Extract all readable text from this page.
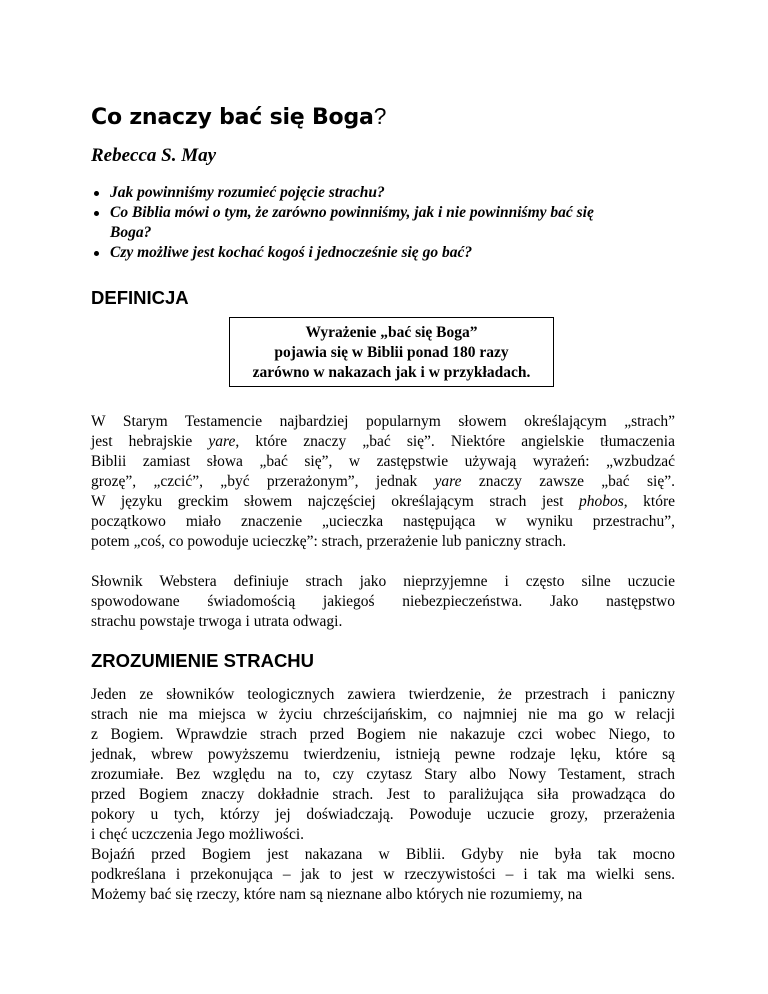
Co znaczy bać się Boga?

Rebecca S. May

Jak powinniśmy rozumieć pojęcie strachu?
Co Biblia mówi o tym, że zarówno powinniśmy, jak i nie powinniśmy bać się
Boga?
Czy możliwe jest kochać kogoś i jednocześnie się go bać?
DEFINICJA
Wyrażenie „bać się Boga”
pojawia się w Biblii ponad 180 razy
zarówno w nakazach jak i w przykładach.
W Starym Testamencie najbardziej popularnym słowem określającym „strach”
jest hebrajskie yare, które znaczy „bać się”. Niektóre angielskie tłumaczenia
Biblii zamiast słowa „bać się”, w zastępstwie używają wyrażeń: „wzbudzać
grozę”, „czcić”, „być przerażonym”, jednak yare znaczy zawsze „bać się”.
W języku greckim słowem najczęściej określającym strach jest phobos, które
początkowo miało znaczenie „ucieczka następująca w wyniku przestrachu”,
potem „coś, co powoduje ucieczkę”: strach, przerażenie lub paniczny strach.
Słownik Webstera definiuje strach jako nieprzyjemne i często silne uczucie
spowodowane świadomością jakiegoś niebezpieczeństwa. Jako następstwo
strachu powstaje trwoga i utrata odwagi.
ZROZUMIENIE STRACHU
Jeden ze słowników teologicznych zawiera twierdzenie, że przestrach i paniczny
strach nie ma miejsca w życiu chrześcijańskim, co najmniej nie ma go w relacji
z Bogiem. Wprawdzie strach przed Bogiem nie nakazuje czci wobec Niego, to
jednak, wbrew powyższemu twierdzeniu, istnieją pewne rodzaje lęku, które są
zrozumiałe. Bez względu na to, czy czytasz Stary albo Nowy Testament, strach
przed Bogiem znaczy dokładnie strach. Jest to paraliżująca siła prowadząca do
pokory u tych, którzy jej doświadczają. Powoduje uczucie grozy, przerażenia
i chęć uczczenia Jego możliwości.
Bojaźń przed Bogiem jest nakazana w Biblii. Gdyby nie była tak mocno
podkreślana i przekonująca – jak to jest w rzeczywistości – i tak ma wielki sens.
Możemy bać się rzeczy, które nam są nieznane albo których nie rozumiemy, na
